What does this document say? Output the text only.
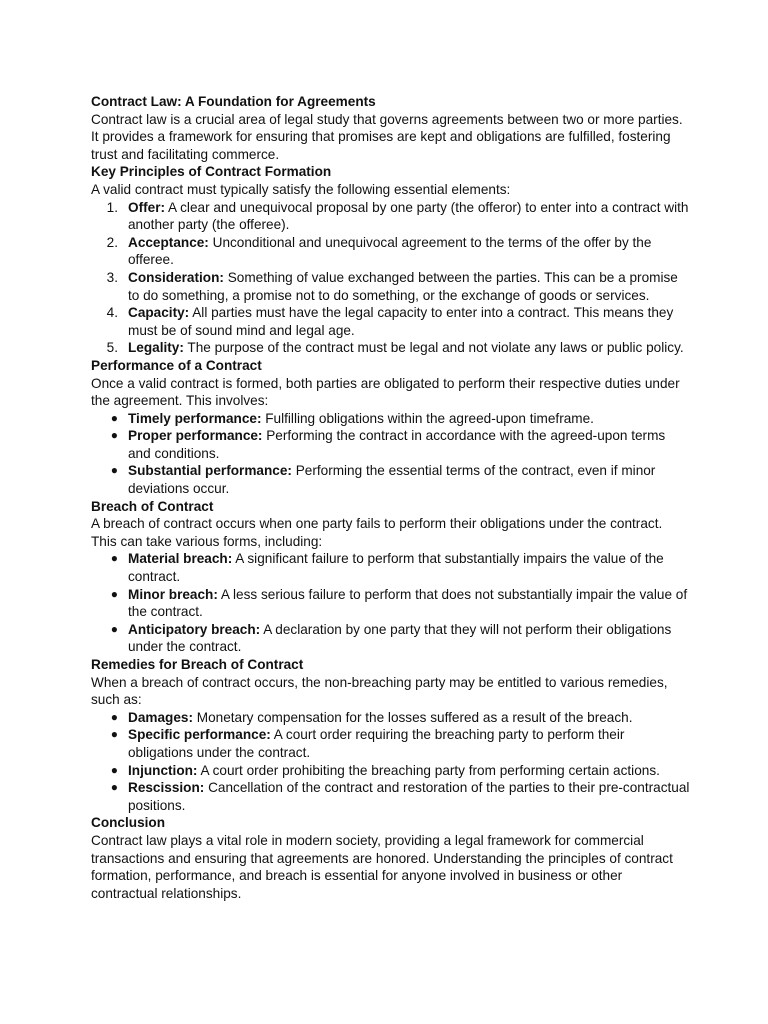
Contract Law: A Foundation for Agreements

Contract law is a crucial area of legal study that governs agreements between two or more parties. It provides a framework for ensuring that promises are kept and obligations are fulfilled, fostering trust and facilitating commerce.

Key Principles of Contract Formation

A valid contract must typically satisfy the following essential elements:

1. Offer: A clear and unequivocal proposal by one party (the offeror) to enter into a contract with another party (the offeree).
2. Acceptance: Unconditional and unequivocal agreement to the terms of the offer by the offeree.
3. Consideration: Something of value exchanged between the parties. This can be a promise to do something, a promise not to do something, or the exchange of goods or services.
4. Capacity: All parties must have the legal capacity to enter into a contract. This means they must be of sound mind and legal age.
5. Legality: The purpose of the contract must be legal and not violate any laws or public policy.
Performance of a Contract

Once a valid contract is formed, both parties are obligated to perform their respective duties under the agreement. This involves:

● Timely performance: Fulfilling obligations within the agreed-upon timeframe.
● Proper performance: Performing the contract in accordance with the agreed-upon terms and conditions.
● Substantial performance: Performing the essential terms of the contract, even if minor deviations occur.
Breach of Contract

A breach of contract occurs when one party fails to perform their obligations under the contract. This can take various forms, including:

● Material breach: A significant failure to perform that substantially impairs the value of the contract.
● Minor breach: A less serious failure to perform that does not substantially impair the value of the contract.
● Anticipatory breach: A declaration by one party that they will not perform their obligations under the contract.
Remedies for Breach of Contract

When a breach of contract occurs, the non-breaching party may be entitled to various remedies, such as:

● Damages: Monetary compensation for the losses suffered as a result of the breach.
● Specific performance: A court order requiring the breaching party to perform their obligations under the contract.
● Injunction: A court order prohibiting the breaching party from performing certain actions.
● Rescission: Cancellation of the contract and restoration of the parties to their pre-contractual positions.
Conclusion

Contract law plays a vital role in modern society, providing a legal framework for commercial transactions and ensuring that agreements are honored. Understanding the principles of contract formation, performance, and breach is essential for anyone involved in business or other contractual relationships.
